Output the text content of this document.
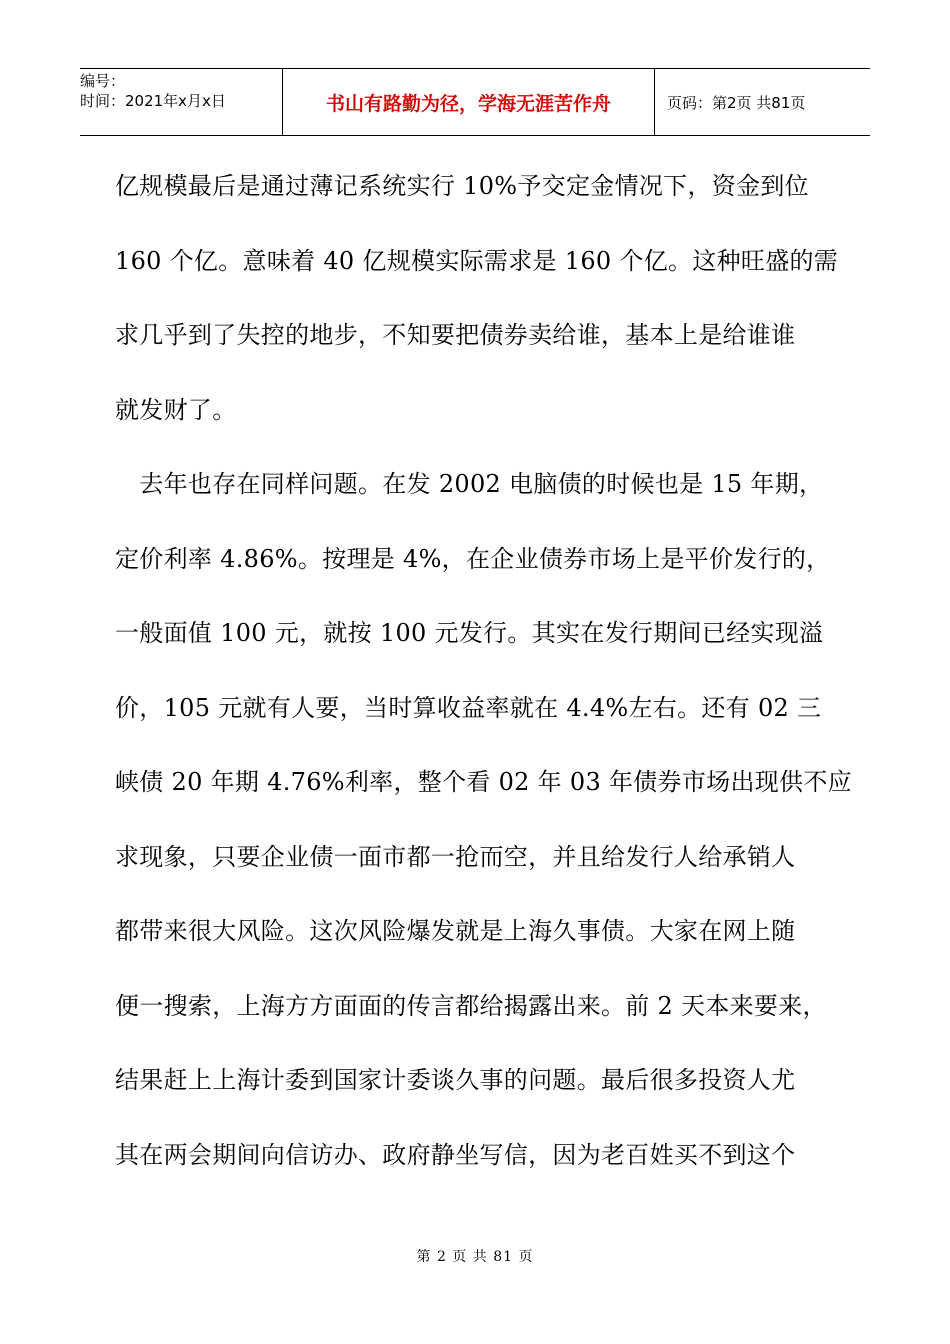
编号：
时间：2021年x月x日	书山有路勤为径，学海无涯苦作舟	页码：第2页 共81页
亿规模最后是通过薄记系统实行 10%予交定金情况下，资金到位
160 个亿。意味着 40 亿规模实际需求是 160 个亿。这种旺盛的需
求几乎到了失控的地步，不知要把债券卖给谁，基本上是给谁谁
就发财了。
　去年也存在同样问题。在发 2002 电脑债的时候也是 15 年期，
定价利率 4.86%。按理是 4%，在企业债券市场上是平价发行的，
一般面值 100 元，就按 100 元发行。其实在发行期间已经实现溢
价，105 元就有人要，当时算收益率就在 4.4%左右。还有 02 三
峡债 20 年期 4.76%利率，整个看 02 年 03 年债券市场出现供不应
求现象，只要企业债一面市都一抢而空，并且给发行人给承销人
都带来很大风险。这次风险爆发就是上海久事债。大家在网上随
便一搜索，上海方方面面的传言都给揭露出来。前 2 天本来要来，
结果赶上上海计委到国家计委谈久事的问题。最后很多投资人尤
其在两会期间向信访办、政府静坐写信，因为老百姓买不到这个
第 2 页 共 81 页
